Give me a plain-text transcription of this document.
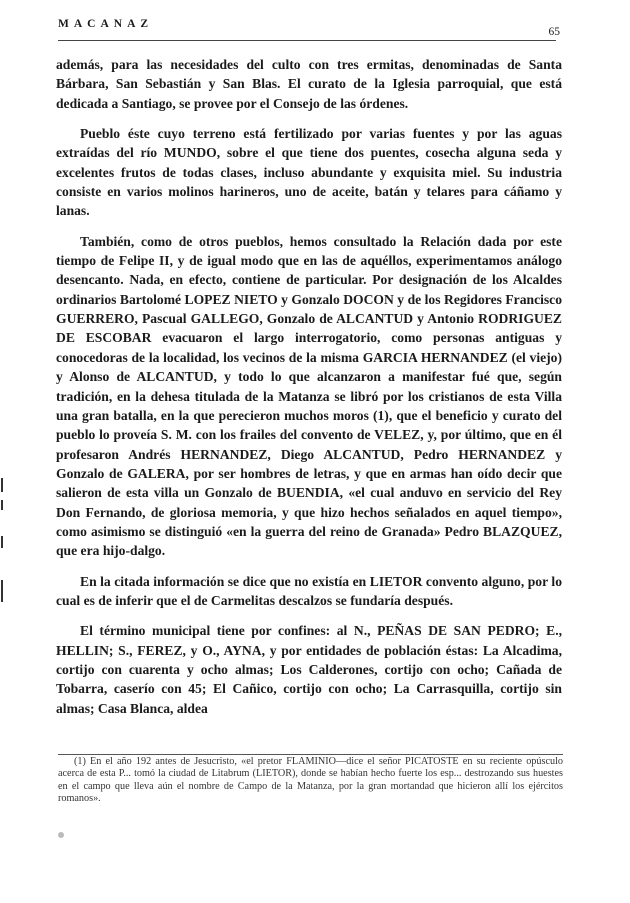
MACANAZ
65

además, para las necesidades del culto con tres ermitas, denominadas de Santa Bárbara, San Sebastián y San Blas. El curato de la Iglesia parroquial, que está dedicada a Santiago, se provee por el Consejo de las órdenes.

Pueblo éste cuyo terreno está fertilizado por varias fuentes y por las aguas extraídas del río MUNDO, sobre el que tiene dos puentes, cosecha alguna seda y excelentes frutos de todas clases, incluso abundante y exquisita miel. Su industria consiste en varios molinos harineros, uno de aceite, batán y telares para cáñamo y lanas.

También, como de otros pueblos, hemos consultado la Relación dada por este tiempo de Felipe II, y de igual modo que en las de aquéllos, experimentamos análogo desencanto. Nada, en efecto, contiene de particular. Por designación de los Alcaldes ordinarios Bartolomé LOPEZ NIETO y Gonzalo DOCON y de los Regidores Francisco GUERRERO, Pascual GALLEGO, Gonzalo de ALCANTUD y Antonio RODRIGUEZ DE ESCOBAR evacuaron el largo interrogatorio, como personas antiguas y conocedoras de la localidad, los vecinos de la misma GARCIA HERNANDEZ (el viejo) y Alonso de ALCANTUD, y todo lo que alcanzaron a manifestar fué que, según tradición, en la dehesa titulada de la Matanza se libró por los cristianos de esta Villa una gran batalla, en la que perecieron muchos moros (1), que el beneficio y curato del pueblo lo proveía S. M. con los frailes del convento de VELEZ, y, por último, que en él profesaron Andrés HERNANDEZ, Diego ALCANTUD, Pedro HERNANDEZ y Gonzalo de GALERA, por ser hombres de letras, y que en armas han oído decir que salieron de esta villa un Gonzalo de BUENDIA, «el cual anduvo en servicio del Rey Don Fernando, de gloriosa memoria, y que hizo hechos señalados en aquel tiempo», como asimismo se distinguió «en la guerra del reino de Granada» Pedro BLAZQUEZ, que era hijo-dalgo.

En la citada información se dice que no existía en LIETOR convento alguno, por lo cual es de inferir que el de Carmelitas descalzos se fundaría después.

El término municipal tiene por confines: al N., PEÑAS DE SAN PEDRO; E., HELLIN; S., FEREZ, y O., AYNA, y por entidades de población éstas: La Alcadima, cortijo con cuarenta y ocho almas; Los Calderones, cortijo con ocho; Cañada de Tobarra, caserío con 45; El Cañico, cortijo con ocho; La Carrasquilla, cortijo sin almas; Casa Blanca, aldea

(1) En el año 192 antes de Jesucristo, «el pretor FLAMINIO—dice el señor PICATOSTE en su reciente opúsculo acerca de esta P... tomó la ciudad de Litabrum (LIETOR), donde se habían hecho fuerte los esp... destrozando sus huestes en el campo que lleva aún el nombre de Campo de la Matanza, por la gran mortandad que hicieron allí los ejércitos romanos».
